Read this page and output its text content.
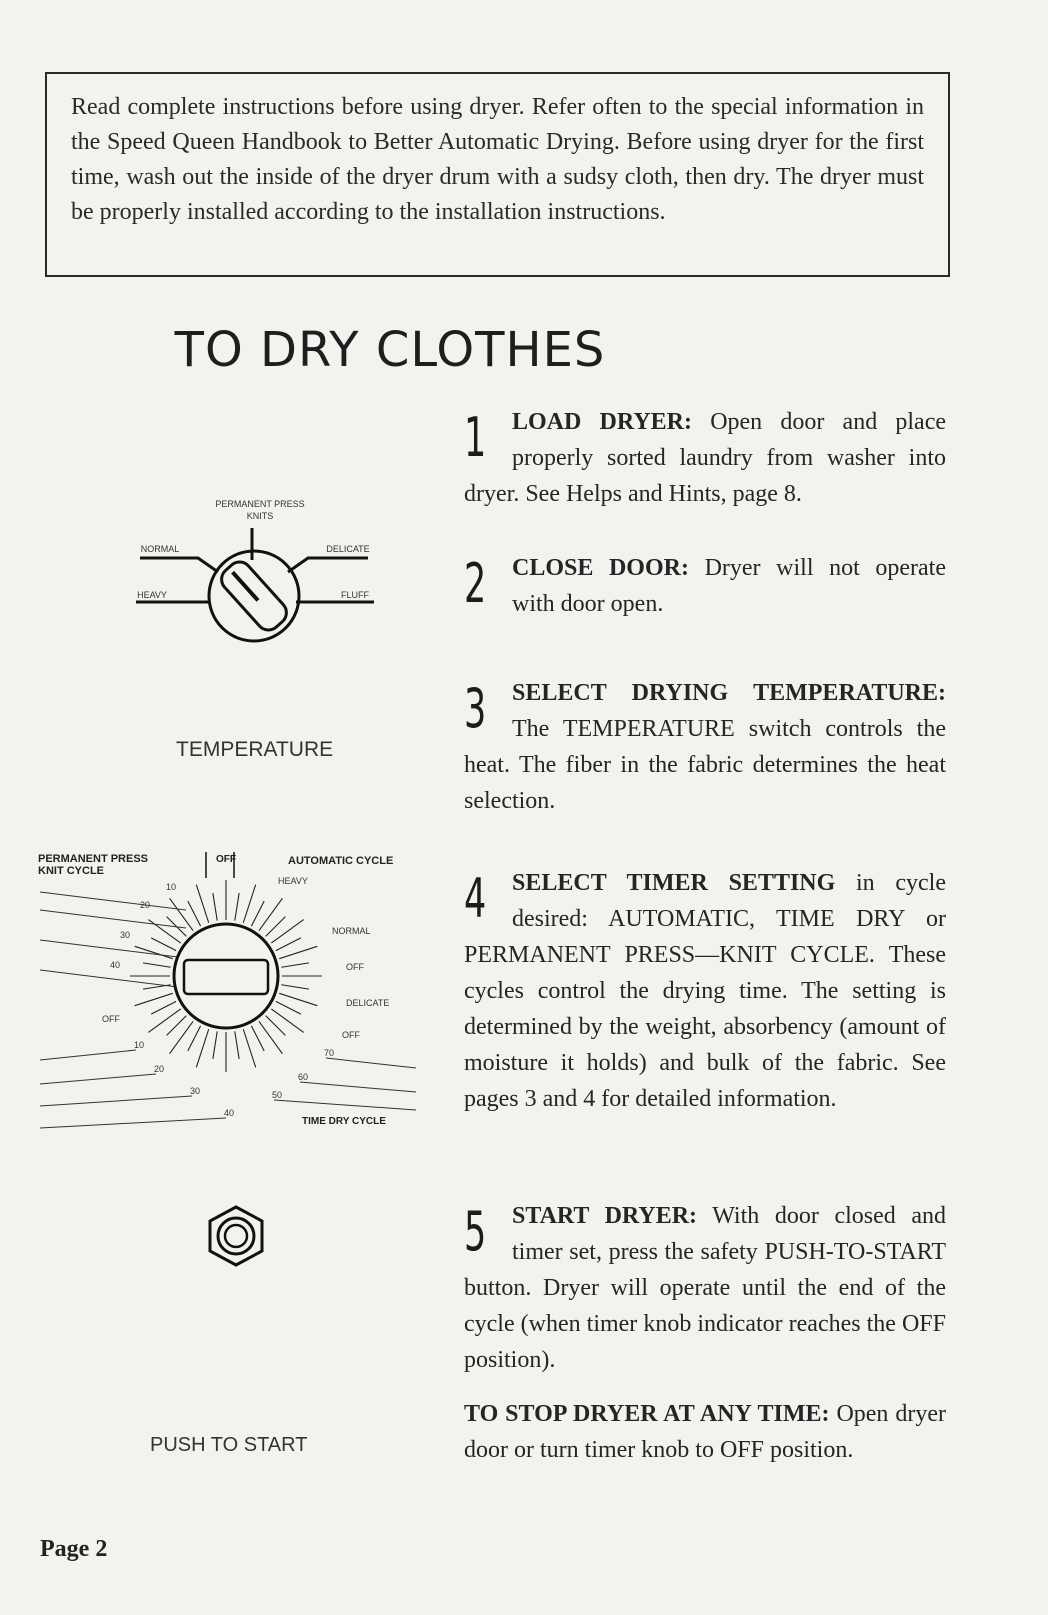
Read complete instructions before using dryer. Refer often to the special information in the Speed Queen Handbook to Better Automatic Drying. Before using dryer for the first time, wash out the inside of the dryer drum with a sudsy cloth, then dry. The dryer must be properly installed according to the installation instructions.
TO DRY CLOTHES
1 LOAD DRYER: Open door and place properly sorted laundry from washer into dryer. See Helps and Hints, page 8.
2 CLOSE DOOR: Dryer will not operate with door open.
3 SELECT DRYING TEMPERATURE: The TEMPERATURE switch controls the heat. The fiber in the fabric determines the heat selection.
4 SELECT TIMER SETTING in cycle desired: AUTOMATIC, TIME DRY or PERMANENT PRESS—KNIT CYCLE. These cycles control the drying time. The setting is determined by the weight, absorbency (amount of moisture it holds) and bulk of the fabric. See pages 3 and 4 for detailed information.
5 START DRYER: With door closed and timer set, press the safety PUSH-TO-START button. Dryer will operate until the end of the cycle (when timer knob indicator reaches the OFF position).
TO STOP DRYER AT ANY TIME: Open dryer door or turn timer knob to OFF position.
PERMANENT PRESS
KNITS
NORMAL	DELICATE
HEAVY	FLUFF
TEMPERATURE
PERMANENT PRESS
KNIT CYCLE
OFF	AUTOMATIC CYCLE
HEAVY
NORMAL
OFF
DELICATE
OFF
OFF
TIME DRY CYCLE
10
20
30
40
10
20
30
40
50
60
70
PUSH TO START
Page 2
